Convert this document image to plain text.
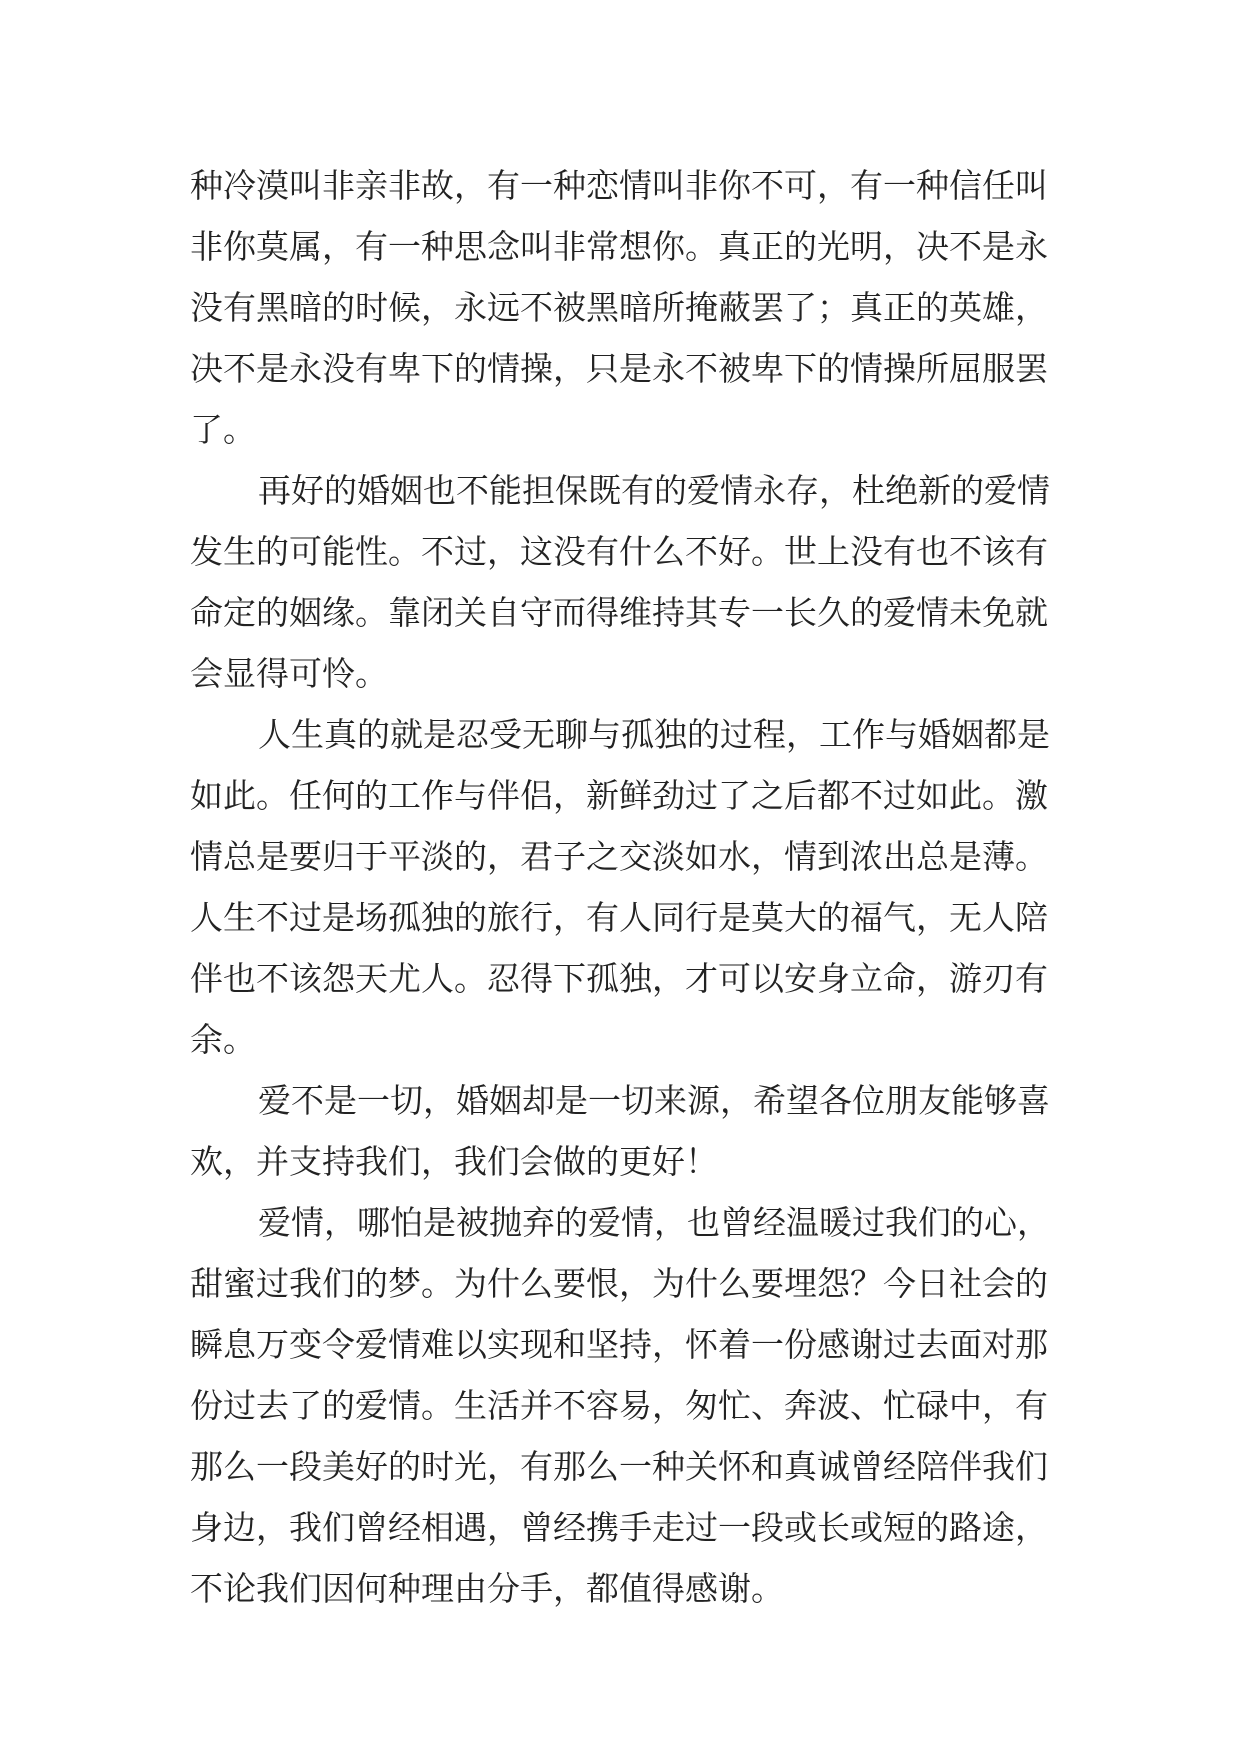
种冷漠叫非亲非故，有一种恋情叫非你不可，有一种信任叫
非你莫属，有一种思念叫非常想你。真正的光明，决不是永
没有黑暗的时候，永远不被黑暗所掩蔽罢了；真正的英雄，
决不是永没有卑下的情操，只是永不被卑下的情操所屈服罢
了。
再好的婚姻也不能担保既有的爱情永存，杜绝新的爱情
发生的可能性。不过，这没有什么不好。世上没有也不该有
命定的姻缘。靠闭关自守而得维持其专一长久的爱情未免就
会显得可怜。
人生真的就是忍受无聊与孤独的过程，工作与婚姻都是
如此。任何的工作与伴侣，新鲜劲过了之后都不过如此。激
情总是要归于平淡的，君子之交淡如水，情到浓出总是薄。
人生不过是场孤独的旅行，有人同行是莫大的福气，无人陪
伴也不该怨天尤人。忍得下孤独，才可以安身立命，游刃有
余。
爱不是一切，婚姻却是一切来源，希望各位朋友能够喜
欢，并支持我们，我们会做的更好！
爱情，哪怕是被抛弃的爱情，也曾经温暖过我们的心，
甜蜜过我们的梦。为什么要恨，为什么要埋怨？今日社会的
瞬息万变令爱情难以实现和坚持，怀着一份感谢过去面对那
份过去了的爱情。生活并不容易，匆忙、奔波、忙碌中，有
那么一段美好的时光，有那么一种关怀和真诚曾经陪伴我们
身边，我们曾经相遇，曾经携手走过一段或长或短的路途，
不论我们因何种理由分手，都值得感谢。
